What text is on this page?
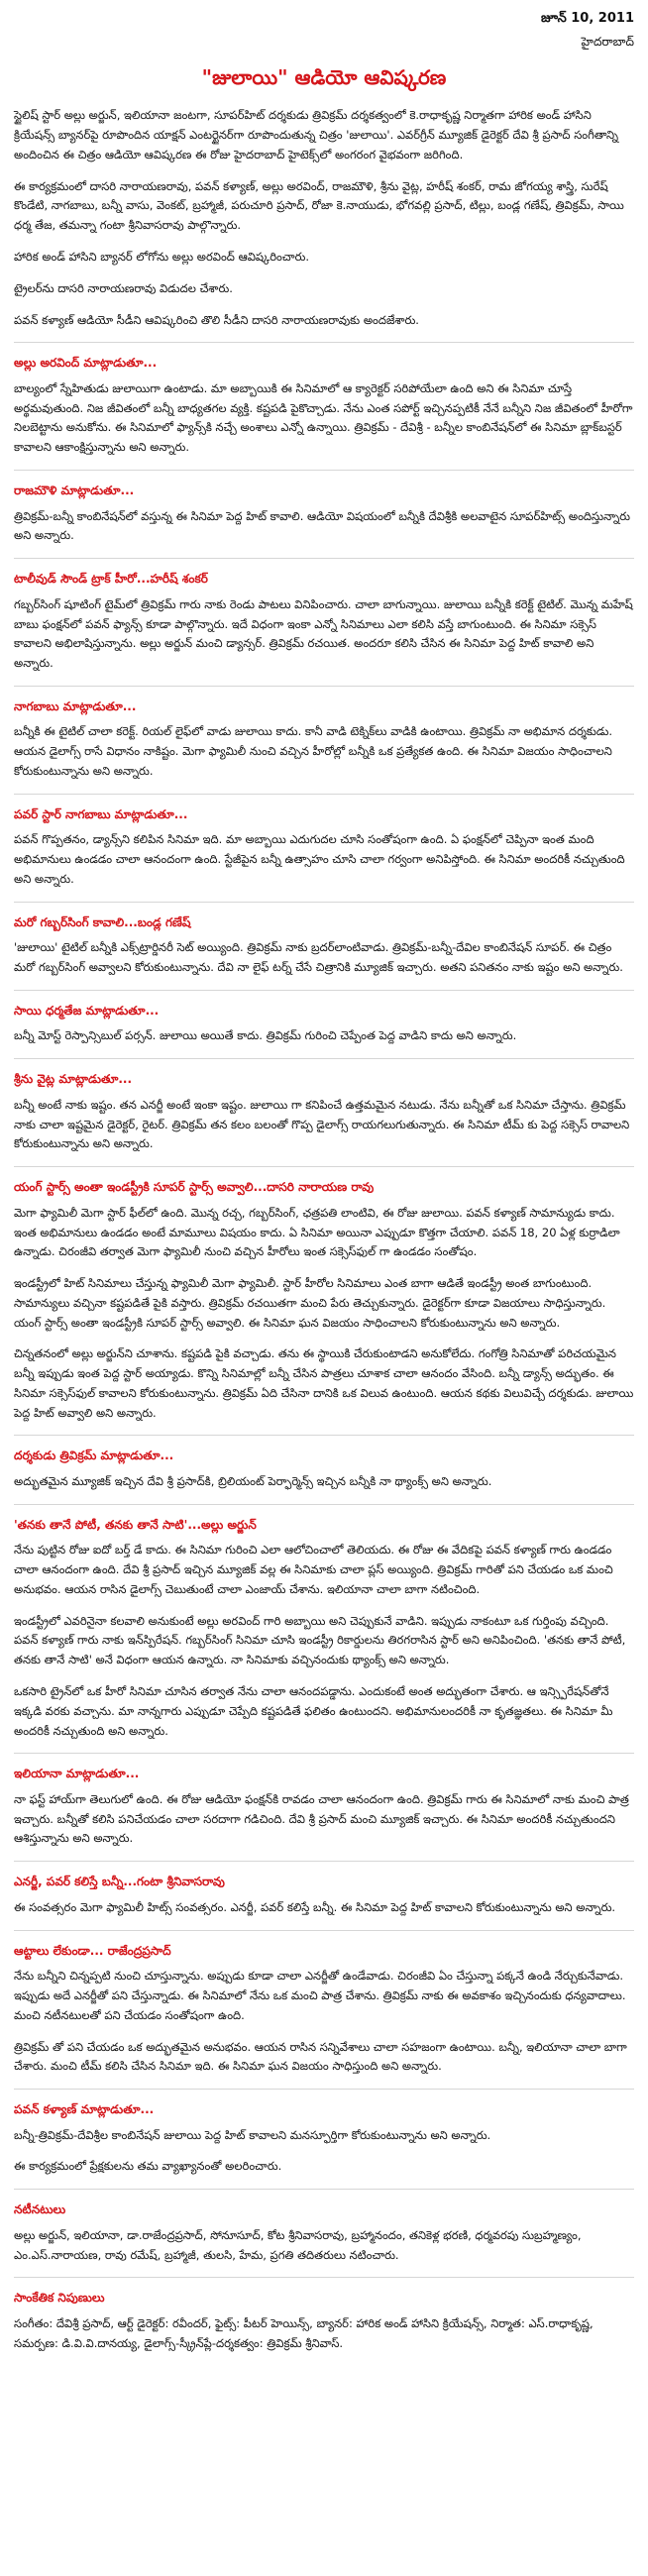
జూన్ 10, 2011
హైదరాబాద్
"జులాయి" ఆడియో ఆవిష్కరణ

స్టైలిష్ స్టార్ అల్లు అర్జున్, ఇలియానా జంటగా, సూపర్‌హిట్ దర్శకుడు త్రివిక్రమ్ దర్శకత్వంలో కె.రాధాకృష్ణ నిర్మాతగా హారిక అండ్ హాసిని క్రియేషన్స్ బ్యానర్‌పై రూపొందిన యాక్షన్ ఎంటర్టైనర్‌గా రూపొందుతున్న చిత్రం 'జులాయి'. ఎవర్‌గ్రీన్ మ్యూజిక్ డైరెక్టర్ దేవి శ్రీ ప్రసాద్ సంగీతాన్ని అందించిన ఈ చిత్రం ఆడియో ఆవిష్కరణ ఈ రోజు హైదరాబాద్ హైటెక్స్‌లో అంగరంగ వైభవంగా జరిగింది.

ఈ కార్యక్రమంలో దాసరి నారాయణరావు, పవన్ కళ్యాణ్, అల్లు అరవింద్, రాజమౌళి, శ్రీను వైట్ల, హరీష్ శంకర్, రామ జోగయ్య శాస్త్రి, సురేష్ కొండేటి, నాగబాబు, బన్నీ వాసు, వెంకట్, బ్రహ్మాజీ, పరుచూరి ప్రసాద్, రోజా కె.నాయుడు, భోగవల్లి ప్రసాద్, టిల్లు, బండ్ల గణేష్, త్రివిక్రమ్, సాయి ధర్మ తేజ, తమన్నా గంటా శ్రీనివాసరావు పాల్గొన్నారు.

హారిక అండ్ హాసిని బ్యానర్ లోగోను అల్లు అరవింద్ ఆవిష్కరించారు.

ట్రైలర్‌ను దాసరి నారాయణరావు విడుదల చేశారు.

పవన్ కళ్యాణ్ ఆడియో సీడీని ఆవిష్కరించి తొలి సీడీని దాసరి నారాయణరావుకు అందజేశారు.

అల్లు అరవింద్ మాట్లాడుతూ...

బాల్యంలో స్నేహితుడు జులాయిగా ఉంటాడు. మా అబ్బాయికి ఈ సినిమాలో ఆ క్యారెక్టర్ సరిపోయేలా ఉంది అని ఈ సినిమా చూస్తే అర్థమవుతుంది. నిజ జీవితంలో బన్నీ బాధ్యతగల వ్యక్తి. కష్టపడి పైకొచ్చాడు. నేను ఎంత సపోర్ట్ ఇచ్చినప్పటికీ నేనే బన్నీని నిజ జీవితంలో హీరోగా నిలబెట్టాను అనుకోను. ఈ సినిమాలో ఫ్యాన్స్‌కి నచ్చే అంశాలు ఎన్నో ఉన్నాయి. త్రివిక్రమ్ - దేవిశ్రీ - బన్నీల కాంబినేషన్‌లో ఈ సినిమా బ్లాక్‌బస్టర్ కావాలని ఆకాంక్షిస్తున్నాను అని అన్నారు.

రాజమౌళి మాట్లాడుతూ...

త్రివిక్రమ్-బన్నీ కాంబినేషన్‌లో వస్తున్న ఈ సినిమా పెద్ద హిట్ కావాలి. ఆడియో విషయంలో బన్నీకి దేవిశ్రీకి అలవాటైన సూపర్‌హిట్స్ అందిస్తున్నారు అని అన్నారు.

టాలీవుడ్ సౌండ్ ట్రాక్ హీరో...హరీష్ శంకర్

గబ్బర్‌సింగ్ షూటింగ్ టైమ్‌లో త్రివిక్రమ్ గారు నాకు రెండు పాటలు వినిపించారు. చాలా బాగున్నాయి. జులాయి బన్నీకి కరెక్ట్ టైటిల్. మొన్న మహేష్ బాబు ఫంక్షన్‌లో పవన్ ఫ్యాన్స్ కూడా పాల్గొన్నారు. ఇదే విధంగా ఇంకా ఎన్నో సినిమాలు ఎలా కలిసి వస్తే బాగుంటుంది. ఈ సినిమా సక్సెస్ కావాలని అభిలాషిస్తున్నాను. అల్లు అర్జున్ మంచి డ్యాన్సర్. త్రివిక్రమ్ రచయిత. అందరూ కలిసి చేసిన ఈ సినిమా పెద్ద హిట్ కావాలి అని అన్నారు.

నాగబాబు మాట్లాడుతూ...

బన్నీకి ఈ టైటిల్ చాలా కరెక్ట్. రియల్ లైఫ్‌లో వాడు జులాయి కాదు. కానీ వాడి టెక్నిక్‌లు వాడికి ఉంటాయి. త్రివిక్రమ్ నా అభిమాన దర్శకుడు. ఆయన డైలాగ్స్ రాసే విధానం నాకిష్టం. మెగా ఫ్యామిలీ నుంచి వచ్చిన హీరోల్లో బన్నీకి ఒక ప్రత్యేకత ఉంది. ఈ సినిమా విజయం సాధించాలని కోరుకుంటున్నాను అని అన్నారు.

పవర్ స్టార్ నాగబాబు మాట్లాడుతూ...

పవన్ గొప్పతనం, డ్యాన్స్‌ని కలిపిన సినిమా ఇది. మా అబ్బాయి ఎదుగుదల చూసి సంతోషంగా ఉంది. ఏ ఫంక్షన్‌లో చెప్పినా ఇంత మంది అభిమానులు ఉండడం చాలా ఆనందంగా ఉంది. స్టేజీపైన బన్నీ ఉత్సాహం చూసి చాలా గర్వంగా అనిపిస్తోంది. ఈ సినిమా అందరికీ నచ్చుతుంది అని అన్నారు.

మరో గబ్బర్‌సింగ్ కావాలి...బండ్ల గణేష్

'జులాయి' టైటిల్ బన్నీకి ఎక్స్‌ట్రార్డినరీ సెట్ అయ్యింది. త్రివిక్రమ్ నాకు బ్రదర్‌లాంటివాడు. త్రివిక్రమ్-బన్నీ-దేవిల కాంబినేషన్ సూపర్. ఈ చిత్రం మరో గబ్బర్‌సింగ్ అవ్వాలని కోరుకుంటున్నాను. దేవి నా లైఫ్ టర్న్ చేసే చిత్రానికి మ్యూజిక్ ఇచ్చారు. అతని పనితనం నాకు ఇష్టం అని అన్నారు.

సాయి ధర్మతేజ మాట్లాడుతూ...

బన్నీ మోస్ట్ రెస్పాన్సిబుల్ పర్సన్. జులాయి అయితే కాదు. త్రివిక్రమ్ గురించి చెప్పేంత పెద్ద వాడిని కాదు అని అన్నారు.

శ్రీను వైట్ల మాట్లాడుతూ...

బన్నీ అంటే నాకు ఇష్టం. తన ఎనర్జీ అంటే ఇంకా ఇష్టం. జులాయి గా కనిపించే ఉత్తమమైన నటుడు. నేను బన్నీతో ఒక సినిమా చేస్తాను. త్రివిక్రమ్ నాకు చాలా ఇష్టమైన డైరెక్టర్, రైటర్. త్రివిక్రమ్ తన కలం బలంతో గొప్ప డైలాగ్స్ రాయగలుగుతున్నారు. ఈ సినిమా టీమ్ కు పెద్ద సక్సెస్ రావాలని కోరుకుంటున్నాను అని అన్నారు.

యంగ్ స్టార్స్ అంతా ఇండస్ట్రీకి సూపర్ స్టార్స్ అవ్వాలి...దాసరి నారాయణ రావు

మెగా ఫ్యామిలీ మెగా స్టార్ ఫీల్‌లో ఉంది. మొన్న రచ్చ, గబ్బర్‌సింగ్, ఛత్రపతి లాంటివి, ఈ రోజు జులాయి. పవన్ కళ్యాణ్ సామాన్యుడు కాదు. ఇంత అభిమానులు ఉండడం అంటే మామూలు విషయం కాదు. ఏ సినిమా అయినా ఎప్పుడూ కొత్తగా చేయాలి. పవన్ 18, 20 ఏళ్ల కుర్రాడిలా ఉన్నాడు. చిరంజీవి తర్వాత మెగా ఫ్యామిలీ నుంచి వచ్చిన హీరోలు ఇంత సక్సెస్‌ఫుల్ గా ఉండడం సంతోషం.

ఇండస్ట్రీలో హిట్ సినిమాలు చేస్తున్న ఫ్యామిలీ మెగా ఫ్యామిలీ. స్టార్ హీరోల సినిమాలు ఎంత బాగా ఆడితే ఇండస్ట్రీ అంత బాగుంటుంది. సామాన్యులు వచ్చినా కష్టపడితే పైకి వస్తారు. త్రివిక్రమ్ రచయితగా మంచి పేరు తెచ్చుకున్నారు. డైరెక్టర్‌గా కూడా విజయాలు సాధిస్తున్నారు. యంగ్ స్టార్స్ అంతా ఇండస్ట్రీకి సూపర్ స్టార్స్ అవ్వాలి. ఈ సినిమా ఘన విజయం సాధించాలని కోరుకుంటున్నాను అని అన్నారు.

చిన్నతనంలో అల్లు అర్జున్‌ని చూశాను. కష్టపడి పైకి వచ్చాడు. తను ఈ స్థాయికి చేరుకుంటాడని అనుకోలేదు. గంగోత్రి సినిమాతో పరిచయమైన బన్నీ ఇప్పుడు ఇంత పెద్ద స్టార్ అయ్యాడు. కొన్ని సినిమాల్లో బన్నీ చేసిన పాత్రలు చూశాక చాలా ఆనందం వేసింది. బన్నీ డ్యాన్స్ అద్భుతం. ఈ సినిమా సక్సెస్‌ఫుల్ కావాలని కోరుకుంటున్నాను. త్రివిక్రమ్ ఏది చేసినా దానికి ఒక విలువ ఉంటుంది. ఆయన కథకు విలువిచ్చే దర్శకుడు. జులాయి పెద్ద హిట్ అవ్వాలి అని అన్నారు.

దర్శకుడు త్రివిక్రమ్ మాట్లాడుతూ...

అద్భుతమైన మ్యూజిక్ ఇచ్చిన దేవి శ్రీ ప్రసాద్‌కి, బ్రిలియంట్ పెర్ఫార్మెన్స్ ఇచ్చిన బన్నీకి నా థ్యాంక్స్ అని అన్నారు.

'తనకు తానే పోటీ, తనకు తానే సాటి'...అల్లు అర్జున్

నేను పుట్టిన రోజు ఐదో బర్త్ డే కాదు. ఈ సినిమా గురించి ఎలా ఆలోచించాలో తెలియదు. ఈ రోజు ఈ వేదికపై పవన్ కళ్యాణ్ గారు ఉండడం చాలా ఆనందంగా ఉంది. దేవి శ్రీ ప్రసాద్ ఇచ్చిన మ్యూజిక్ వల్ల ఈ సినిమాకు చాలా ప్లస్ అయ్యింది. త్రివిక్రమ్ గారితో పని చేయడం ఒక మంచి అనుభవం. ఆయన రాసిన డైలాగ్స్ చెబుతుంటే చాలా ఎంజాయ్ చేశాను. ఇలియానా చాలా బాగా నటించింది.

ఇండస్ట్రీలో ఎవరినైనా కలవాలి అనుకుంటే అల్లు అరవింద్ గారి అబ్బాయి అని చెప్పుకునే వాడిని. ఇప్పుడు నాకంటూ ఒక గుర్తింపు వచ్చింది. పవన్ కళ్యాణ్ గారు నాకు ఇన్‌స్పిరేషన్. గబ్బర్‌సింగ్ సినిమా చూసి ఇండస్ట్రీ రికార్డులను తిరగరాసిన స్టార్ అని అనిపించింది. 'తనకు తానే పోటీ, తనకు తానే సాటి' అనే విధంగా ఆయన ఉన్నారు. నా సినిమాకు వచ్చినందుకు థ్యాంక్స్ అని అన్నారు.

ఒకసారి ట్రైన్‌లో ఒక హీరో సినిమా చూసిన తర్వాత నేను చాలా ఆనందపడ్డాను. ఎందుకంటే అంత అద్భుతంగా చేశారు. ఆ ఇన్స్పిరేషన్‌తోనే ఇక్కడి వరకు వచ్చాను. మా నాన్నగారు ఎప్పుడూ చెప్పేది కష్టపడితే ఫలితం ఉంటుందని. అభిమానులందరికీ నా కృతజ్ఞతలు. ఈ సినిమా మీ అందరికీ నచ్చుతుంది అని అన్నారు.

ఇలియానా మాట్లాడుతూ...

నా ఫస్ట్ హాయ్‌గా తెలుగులో ఉంది. ఈ రోజు ఆడియో ఫంక్షన్‌కి రావడం చాలా ఆనందంగా ఉంది. త్రివిక్రమ్ గారు ఈ సినిమాలో నాకు మంచి పాత్ర ఇచ్చారు. బన్నీతో కలిసి పనిచేయడం చాలా సరదాగా గడిచింది. దేవి శ్రీ ప్రసాద్ మంచి మ్యూజిక్ ఇచ్చారు. ఈ సినిమా అందరికీ నచ్చుతుందని ఆశిస్తున్నాను అని అన్నారు.

ఎనర్జీ, పవర్ కలిస్తే బన్నీ...గంటా శ్రీనివాసరావు

ఈ సంవత్సరం మెగా ఫ్యామిలీ హిట్స్ సంవత్సరం. ఎనర్జీ, పవర్ కలిస్తే బన్నీ. ఈ సినిమా పెద్ద హిట్ కావాలని కోరుకుంటున్నాను అని అన్నారు.

ఆట్టాలు లేకుండా... రాజేంద్రప్రసాద్

నేను బన్నీని చిన్నప్పటి నుంచి చూస్తున్నాను. అప్పుడు కూడా చాలా ఎనర్జీతో ఉండేవాడు. చిరంజీవి ఏం చేస్తున్నా పక్కనే ఉండి నేర్చుకునేవాడు. ఇప్పుడు అదే ఎనర్జీతో పని చేస్తున్నాడు. ఈ సినిమాలో నేను ఒక మంచి పాత్ర చేశాను. త్రివిక్రమ్ నాకు ఈ అవకాశం ఇచ్చినందుకు ధన్యవాదాలు. మంచి నటీనటులతో పని చేయడం సంతోషంగా ఉంది.

త్రివిక్రమ్ తో పని చేయడం ఒక అద్భుతమైన అనుభవం. ఆయన రాసిన సన్నివేశాలు చాలా సహజంగా ఉంటాయి. బన్నీ, ఇలియానా చాలా బాగా చేశారు. మంచి టీమ్ కలిసి చేసిన సినిమా ఇది. ఈ సినిమా ఘన విజయం సాధిస్తుంది అని అన్నారు.

పవన్ కళ్యాణ్ మాట్లాడుతూ...

బన్నీ-త్రివిక్రమ్-దేవిశ్రీల కాంబినేషన్ జులాయి పెద్ద హిట్ కావాలని మనస్ఫూర్తిగా కోరుకుంటున్నాను అని అన్నారు.

ఈ కార్యక్రమంలో ప్రేక్షకులను తమ వ్యాఖ్యానంతో అలరించారు.

నటీనటులు

అల్లు అర్జున్, ఇలియానా, డా.రాజేంద్రప్రసాద్, సోనూసూద్, కోట శ్రీనివాసరావు, బ్రహ్మానందం, తనికెళ్ల భరణి, ధర్మవరపు సుబ్రహ్మణ్యం, ఎం.ఎస్.నారాయణ, రావు రమేష్, బ్రహ్మాజీ, తులసి, హేమ, ప్రగతి తదితరులు నటించారు.

సాంకేతిక నిపుణులు

సంగీతం: దేవిశ్రీ ప్రసాద్, ఆర్ట్ డైరెక్టర్: రవీందర్, ఫైట్స్: పీటర్ హెయిన్స్, బ్యానర్: హారిక అండ్ హాసిని క్రియేషన్స్, నిర్మాత: ఎస్.రాధాకృష్ణ, సమర్పణ: డి.వి.వి.దానయ్య, డైలాగ్స్-స్క్రీన్‌ప్లే-దర్శకత్వం: త్రివిక్రమ్ శ్రీనివాస్.
